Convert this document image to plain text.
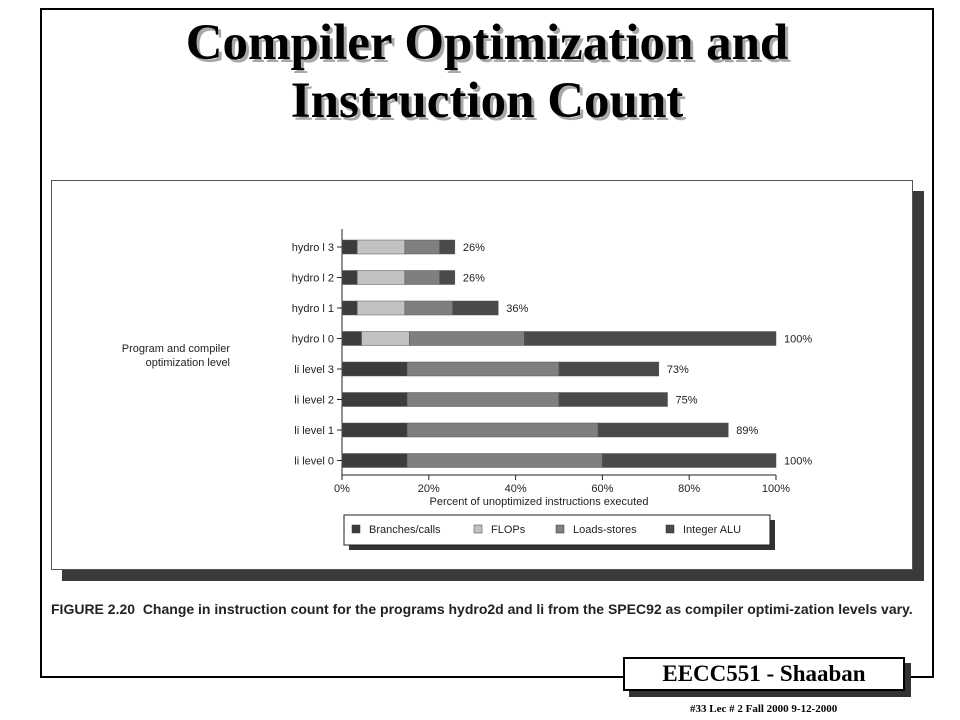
Compiler Optimization and
Instruction Count
hydro l 3	26%
hydro l 2	26%
hydro l 1	36%
hydro l 0	100%
li level 3	73%
li level 2	75%
li level 1	89%
li level 0	100%
0%	20%	40%	60%	80%	100%
Percent of unoptimized instructions executed
Program and compiler
optimization level
Branches/calls	FLOPs	Loads-stores	Integer ALU

FIGURE 2.20 Change in instruction count for the programs hydro2d and li from the SPEC92 as compiler optimi-zation levels vary.

EECC551 - Shaaban
#33 Lec # 2 Fall 2000 9-12-2000
